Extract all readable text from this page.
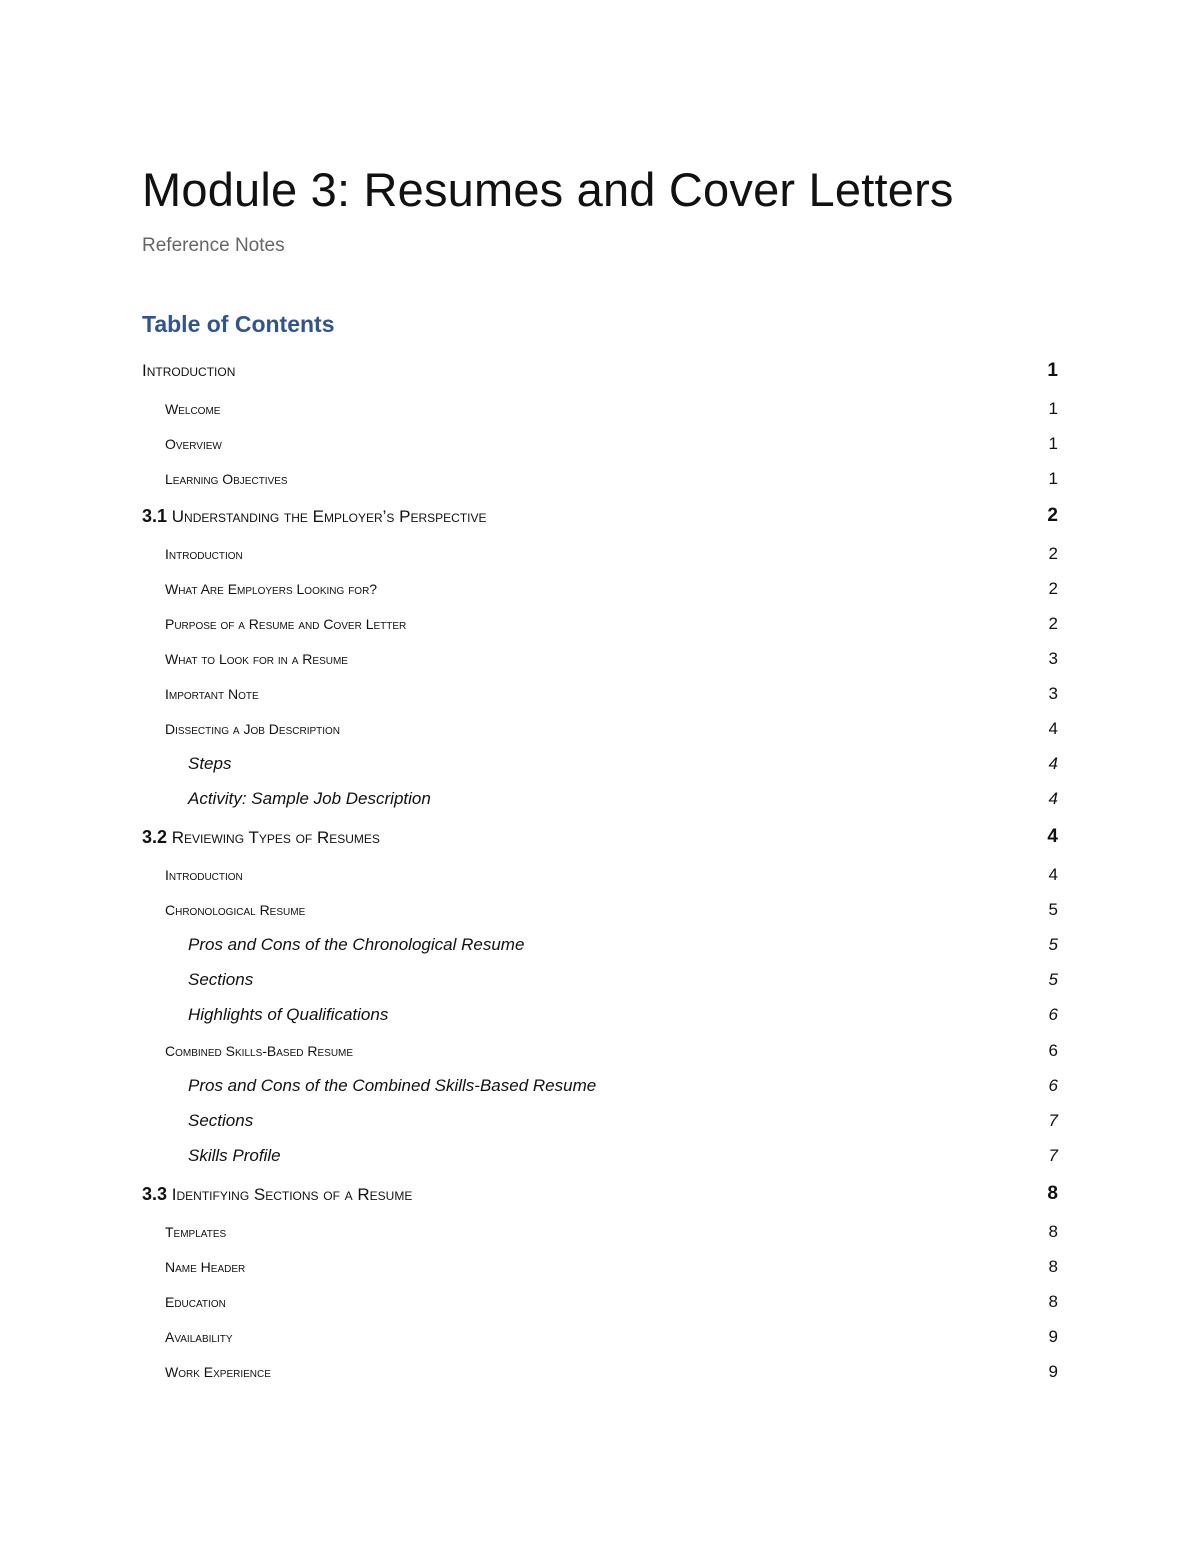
Module 3: Resumes and Cover Letters
Reference Notes
Table of Contents
Introduction	1
Welcome	1
Overview	1
Learning Objectives	1
3.1 Understanding the Employer’s Perspective	2
Introduction	2
What Are Employers Looking for?	2
Purpose of a Resume and Cover Letter	2
What to Look for in a Resume	3
Important Note	3
Dissecting a Job Description	4
Steps	4
Activity: Sample Job Description	4
3.2 Reviewing Types of Resumes	4
Introduction	4
Chronological Resume	5
Pros and Cons of the Chronological Resume	5
Sections	5
Highlights of Qualifications	6
Combined Skills-Based Resume	6
Pros and Cons of the Combined Skills-Based Resume	6
Sections	7
Skills Profile	7
3.3 Identifying Sections of a Resume	8
Templates	8
Name Header	8
Education	8
Availability	9
Work Experience	9
